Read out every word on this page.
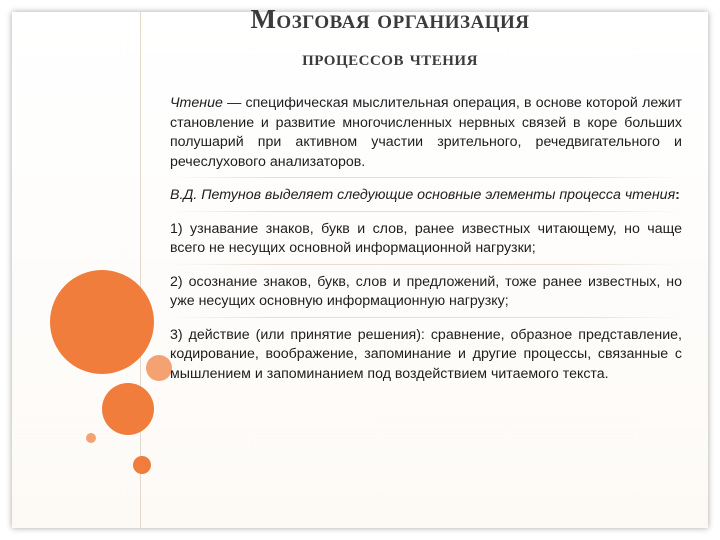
Мозговая организация
процессов чтения

Чтение — специфическая мыслительная операция, в основе которой лежит становление и развитие многочисленных нервных связей в коре больших полушарий при активном участии зрительного, речедвигательного и речеслухового анализаторов.

В.Д. Петунов выделяет следующие основные элементы процесса чтения:

1) узнавание знаков, букв и слов, ранее известных читающему, но чаще всего не несущих основной информационной нагрузки;

2) осознание знаков, букв, слов и предложений, тоже ранее известных, но уже несущих основную информационную нагрузку;

3) действие (или принятие решения): сравнение, образное представление, кодирование, воображение, запоминание и другие процессы, связанные с мышлением и запоминанием под воздействием читаемого текста.
